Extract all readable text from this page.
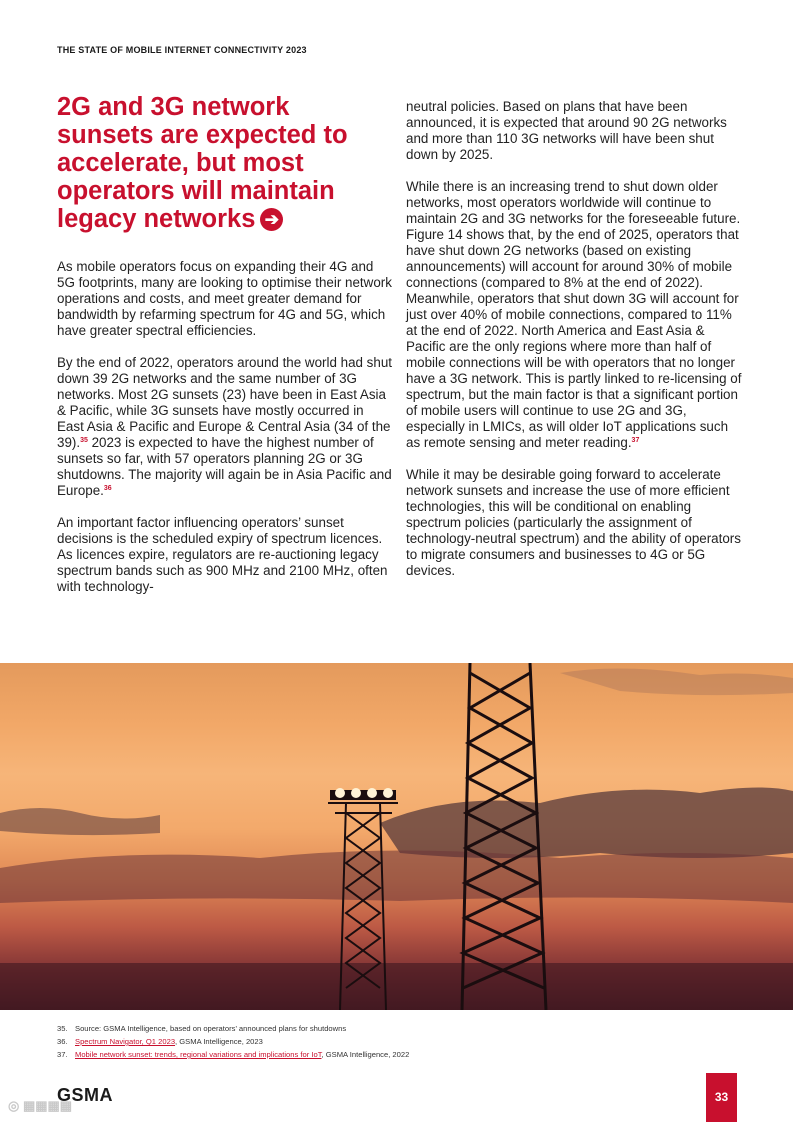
THE STATE OF MOBILE INTERNET CONNECTIVITY 2023
2G and 3G network sunsets are expected to accelerate, but most operators will maintain legacy networks ➔

As mobile operators focus on expanding their 4G and 5G footprints, many are looking to optimise their network operations and costs, and meet greater demand for bandwidth by refarming spectrum for 4G and 5G, which have greater spectral efficiencies.

By the end of 2022, operators around the world had shut down 39 2G networks and the same number of 3G networks. Most 2G sunsets (23) have been in East Asia & Pacific, while 3G sunsets have mostly occurred in East Asia & Pacific and Europe & Central Asia (34 of the 39).$^{35}$ 2023 is expected to have the highest number of sunsets so far, with 57 operators planning 2G or 3G shutdowns. The majority will again be in Asia Pacific and Europe.$^{36}$

An important factor influencing operators’ sunset decisions is the scheduled expiry of spectrum licences. As licences expire, regulators are re-auctioning legacy spectrum bands such as 900 MHz and 2100 MHz, often with technology-

neutral policies. Based on plans that have been announced, it is expected that around 90 2G networks and more than 110 3G networks will have been shut down by 2025.

While there is an increasing trend to shut down older networks, most operators worldwide will continue to maintain 2G and 3G networks for the foreseeable future. Figure 14 shows that, by the end of 2025, operators that have shut down 2G networks (based on existing announcements) will account for around 30% of mobile connections (compared to 8% at the end of 2022). Meanwhile, operators that shut down 3G will account for just over 40% of mobile connections, compared to 11% at the end of 2022. North America and East Asia & Pacific are the only regions where more than half of mobile connections will be with operators that no longer have a 3G network. This is partly linked to re-licensing of spectrum, but the main factor is that a significant portion of mobile users will continue to use 2G and 3G, especially in LMICs, as will older IoT applications such as remote sensing and meter reading.$^{37}$

While it may be desirable going forward to accelerate network sunsets and increase the use of more efficient technologies, this will be conditional on enabling spectrum policies (particularly the assignment of technology-neutral spectrum) and the ability of operators to migrate consumers and businesses to 4G or 5G devices.

35. Source: GSMA Intelligence, based on operators’ announced plans for shutdowns
36. Spectrum Navigator, Q1 2023, GSMA Intelligence, 2023
37. Mobile network sunset: trends, regional variations and implications for IoT, GSMA Intelligence, 2022
◎ ▦▦▦▦
GSMA	33
